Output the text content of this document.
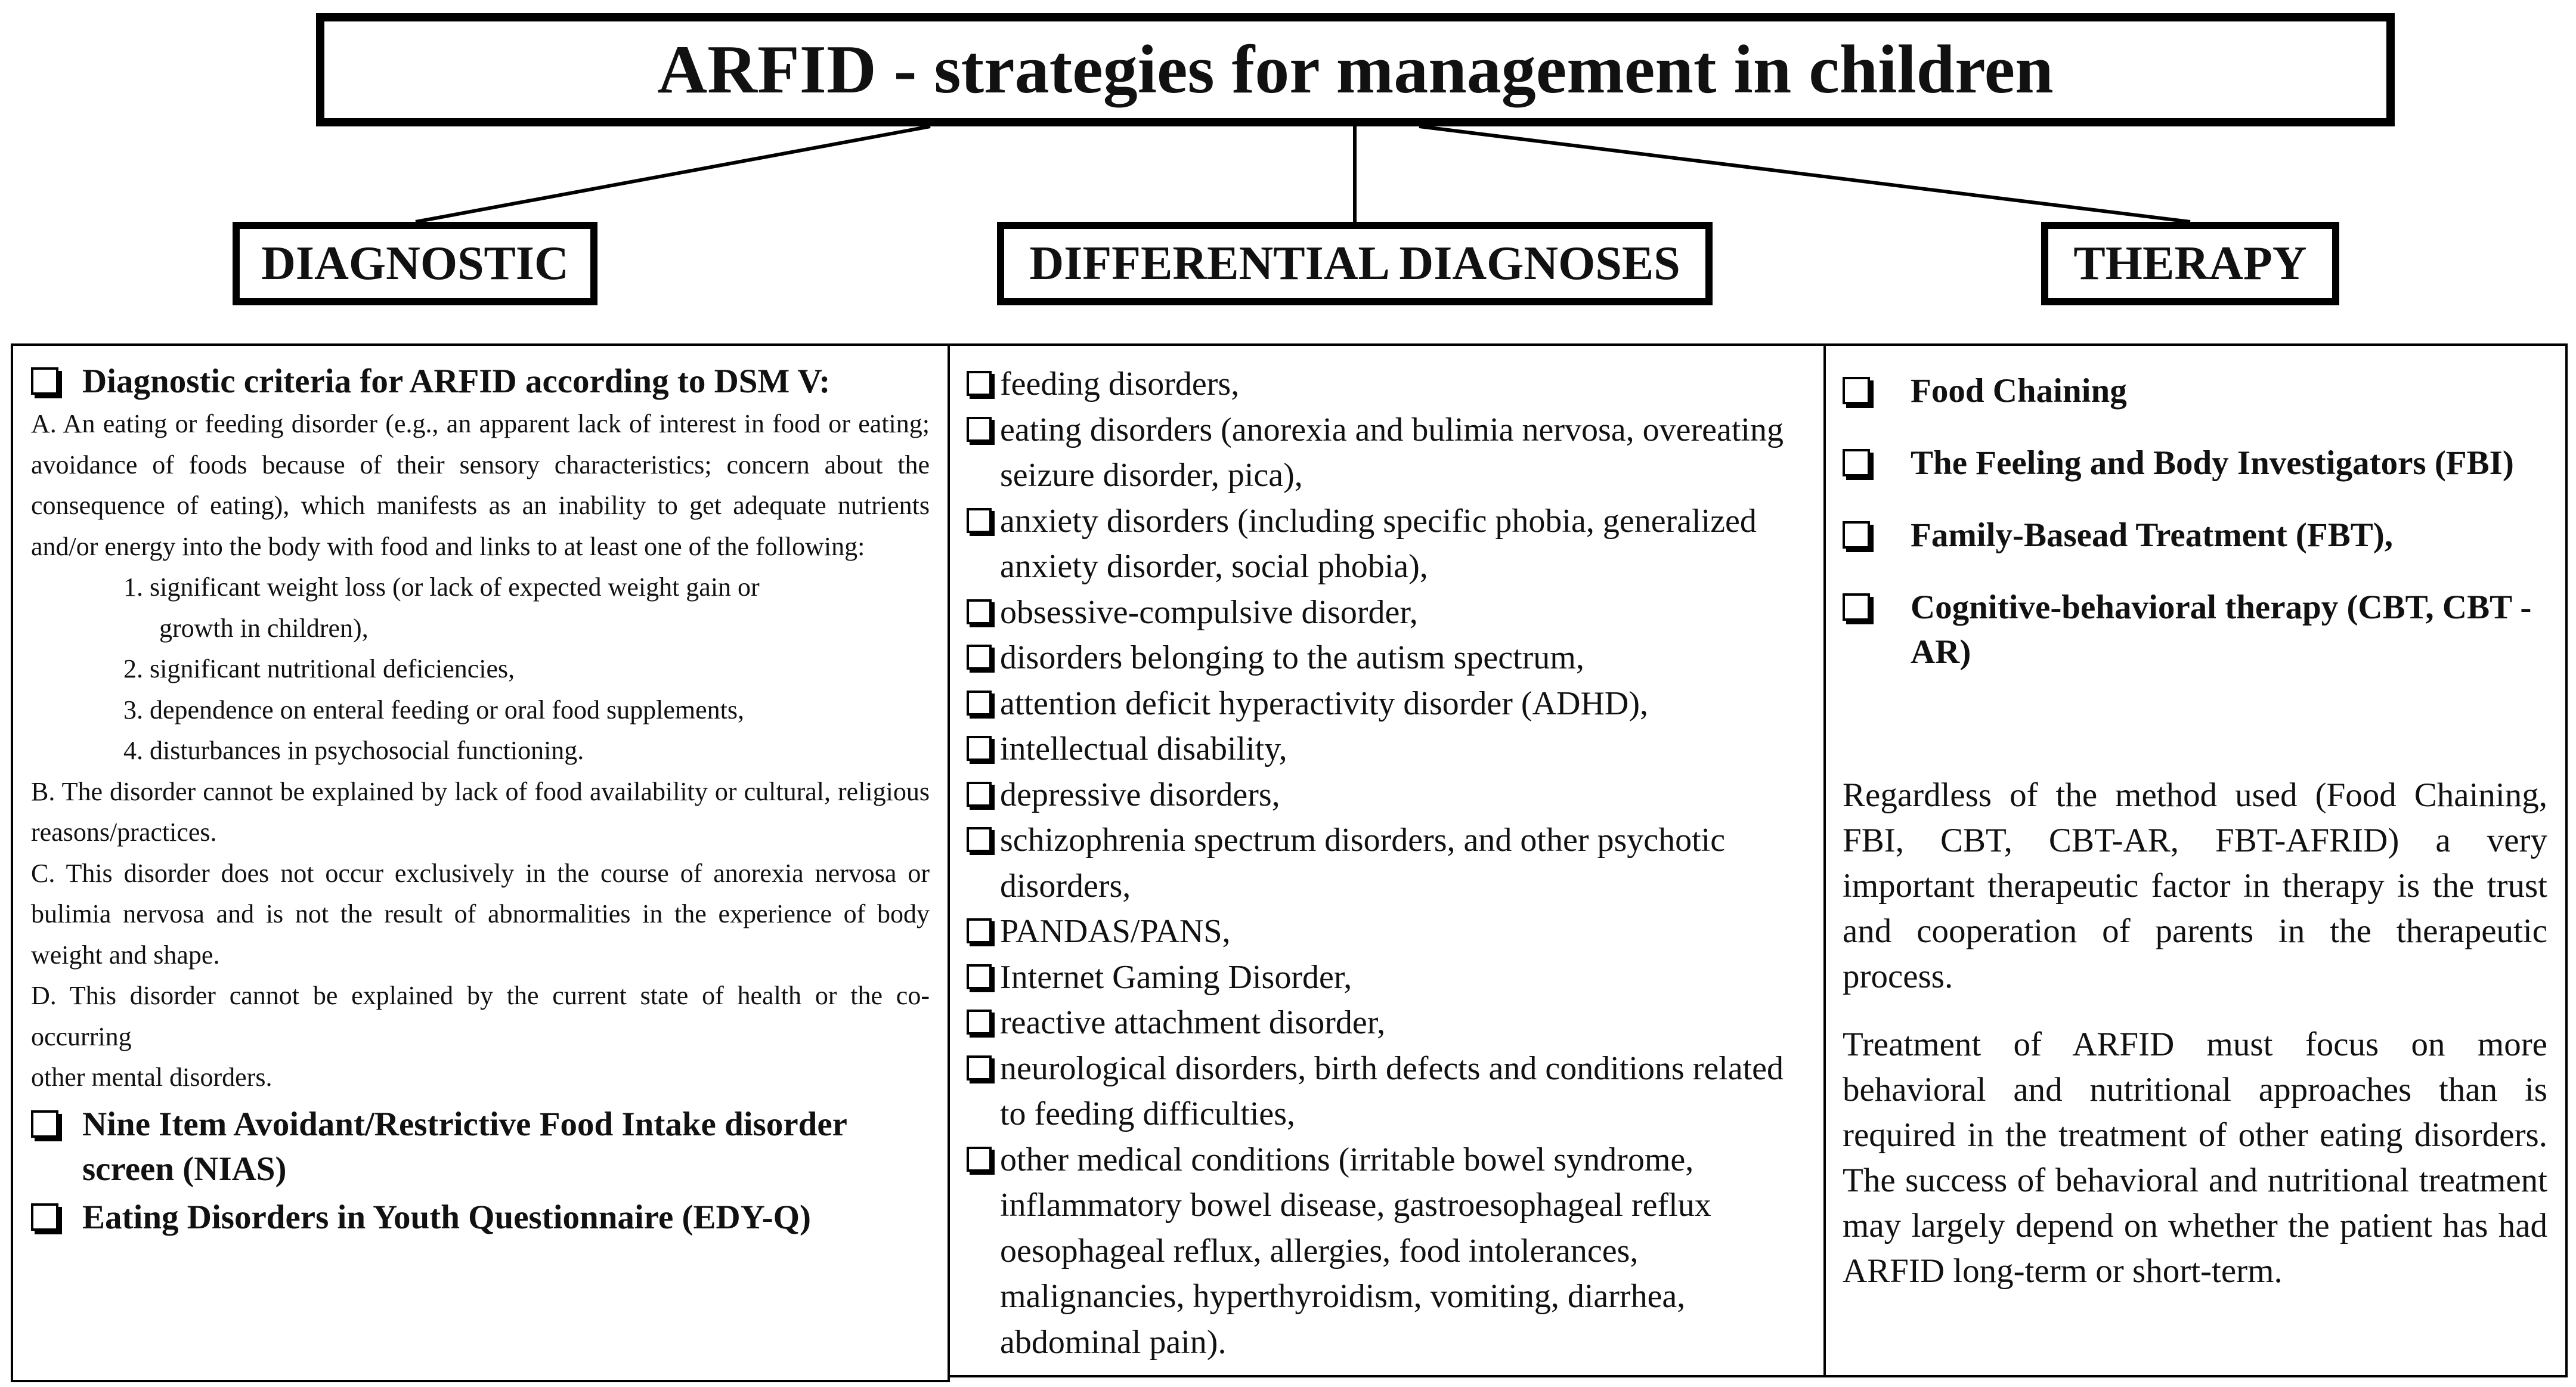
ARFID - strategies for management in children
DIAGNOSTIC	DIFFERENTIAL DIAGNOSES	THERAPY
Diagnostic criteria for ARFID according to DSM V:

A. An eating or feeding disorder (e.g., an apparent lack of interest in food or eating; avoidance of foods because of their sensory characteristics; concern about the consequence of eating), which manifests as an inability to get adequate nutrients and/or energy into the body with food and links to at least one of the following:

1. significant weight loss (or lack of expected weight gain or
growth in children),
2. significant nutritional deficiencies,
3. dependence on enteral feeding or oral food supplements,
4. disturbances in psychosocial functioning.

B. The disorder cannot be explained by lack of food availability or cultural, religious reasons/practices.

C. This disorder does not occur exclusively in the course of anorexia nervosa or bulimia nervosa and is not the result of abnormalities in the experience of body weight and shape.

D. This disorder cannot be explained by the current state of health or the co-occurring

other mental disorders.

Nine Item Avoidant/Restrictive Food Intake disorder screen (NIAS)
Eating Disorders in Youth Questionnaire (EDY-Q)
feeding disorders,
eating disorders (anorexia and bulimia nervosa, overeating seizure disorder, pica),
anxiety disorders (including specific phobia, generalized anxiety disorder, social phobia),
obsessive-compulsive disorder,
disorders belonging to the autism spectrum,
attention deficit hyperactivity disorder (ADHD),
intellectual disability,
depressive disorders,
schizophrenia spectrum disorders, and other psychotic disorders,
PANDAS/PANS,
Internet Gaming Disorder,
reactive attachment disorder,
neurological disorders, birth defects and conditions related to feeding difficulties,
other medical conditions (irritable bowel syndrome, inflammatory bowel disease, gastroesophageal reflux oesophageal reflux, allergies, food intolerances, malignancies, hyperthyroidism, vomiting, diarrhea, abdominal pain).
Food Chaining
The Feeling and Body Investigators (FBI)
Family-Basead Treatment (FBT),
Cognitive-behavioral therapy (CBT, CBT -AR)

Regardless of the method used (Food Chaining, FBI, CBT, CBT-AR, FBT-AFRID) a very important therapeutic factor in therapy is the trust and cooperation of parents in the therapeutic process.

Treatment of ARFID must focus on more behavioral and nutritional approaches than is required in the treatment of other eating disorders. The success of behavioral and nutritional treatment may largely depend on whether the patient has had ARFID long-term or short-term.
